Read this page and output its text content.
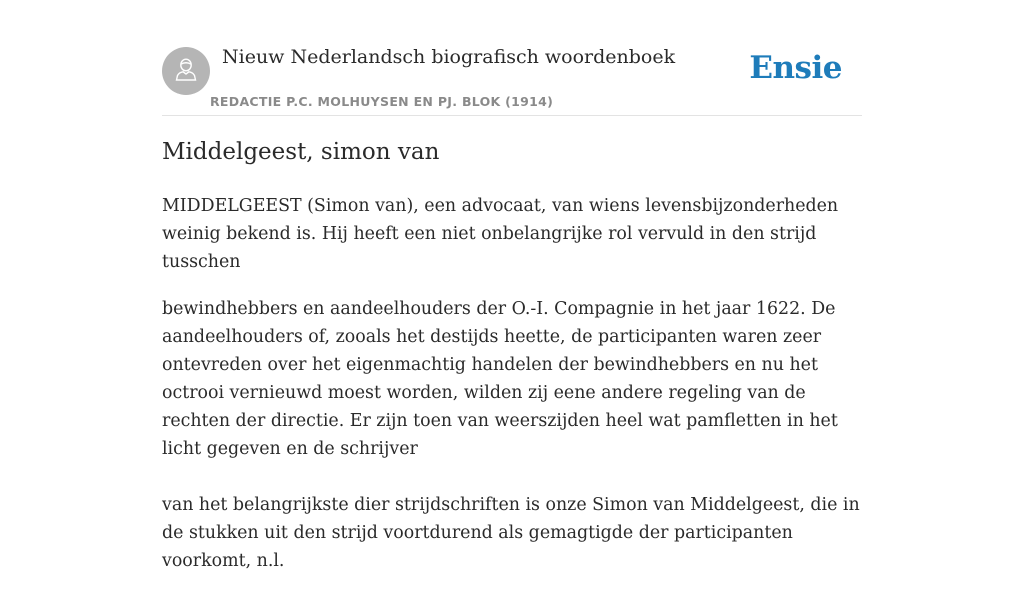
Nieuw Nederlandsch biografisch woordenboek
REDACTIE P.C. MOLHUYSEN EN PJ. BLOK (1914)
Ensie
Middelgeest, simon van

MIDDELGEEST (Simon van), een advocaat, van wiens levensbijzonderheden weinig bekend is. Hij heeft een niet onbelangrijke rol vervuld in den strijd tusschen

bewindhebbers en aandeelhouders der O.-I. Compagnie in het jaar 1622. De aandeelhouders of, zooals het destijds heette, de participanten waren zeer ontevreden over het eigenmachtig handelen der bewindhebbers en nu het octrooi vernieuwd moest worden, wilden zij eene andere regeling van de rechten der directie. Er zijn toen van weerszijden heel wat pamfletten in het licht gegeven en de schrijver

van het belangrijkste dier strijdschriften is onze Simon van Middelgeest, die in de stukken uit den strijd voortdurend als gemagtigde der participanten voorkomt, n.l.
